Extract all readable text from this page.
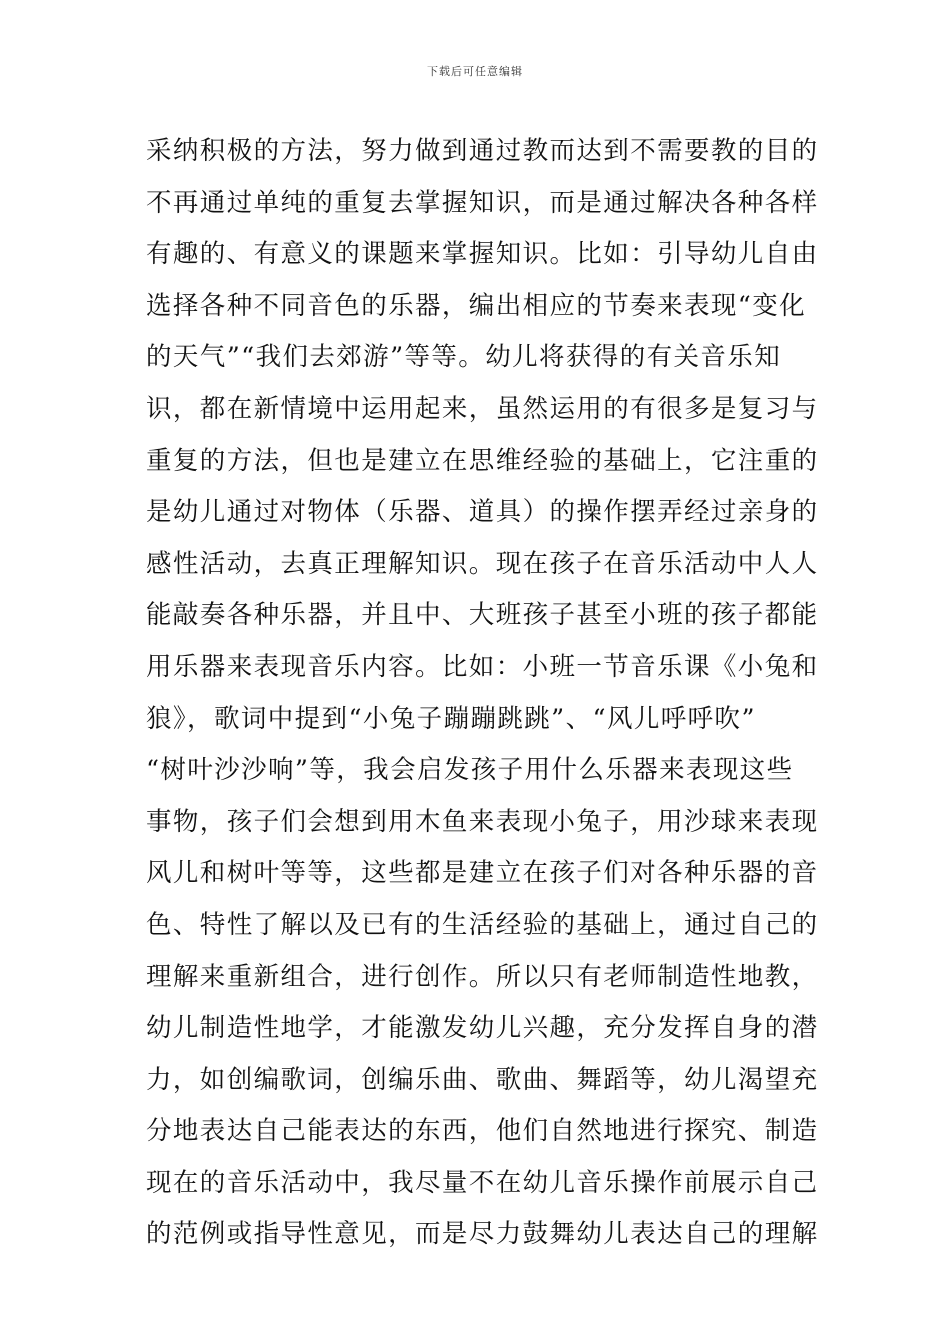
下载后可任意编辑
采纳积极的方法，努力做到通过教而达到不需要教的目的
不再通过单纯的重复去掌握知识，而是通过解决各种各样
有趣的、有意义的课题来掌握知识。比如：引导幼儿自由
选择各种不同音色的乐器，编出相应的节奏来表现“变化
的天气”“我们去郊游”等等。幼儿将获得的有关音乐知
识，都在新情境中运用起来，虽然运用的有很多是复习与
重复的方法，但也是建立在思维经验的基础上，它注重的
是幼儿通过对物体（乐器、道具）的操作摆弄经过亲身的
感性活动，去真正理解知识。现在孩子在音乐活动中人人
能敲奏各种乐器，并且中、大班孩子甚至小班的孩子都能
用乐器来表现音乐内容。比如：小班一节音乐课《小兔和
狼》，歌词中提到“小兔子蹦蹦跳跳”、“风儿呼呼吹”
“树叶沙沙响”等，我会启发孩子用什么乐器来表现这些
事物，孩子们会想到用木鱼来表现小兔子，用沙球来表现
风儿和树叶等等，这些都是建立在孩子们对各种乐器的音
色、特性了解以及已有的生活经验的基础上，通过自己的
理解来重新组合，进行创作。所以只有老师制造性地教，
幼儿制造性地学，才能激发幼儿兴趣，充分发挥自身的潜
力，如创编歌词，创编乐曲、歌曲、舞蹈等，幼儿渴望充
分地表达自己能表达的东西，他们自然地进行探究、制造
现在的音乐活动中，我尽量不在幼儿音乐操作前展示自己
的范例或指导性意见，而是尽力鼓舞幼儿表达自己的理解
